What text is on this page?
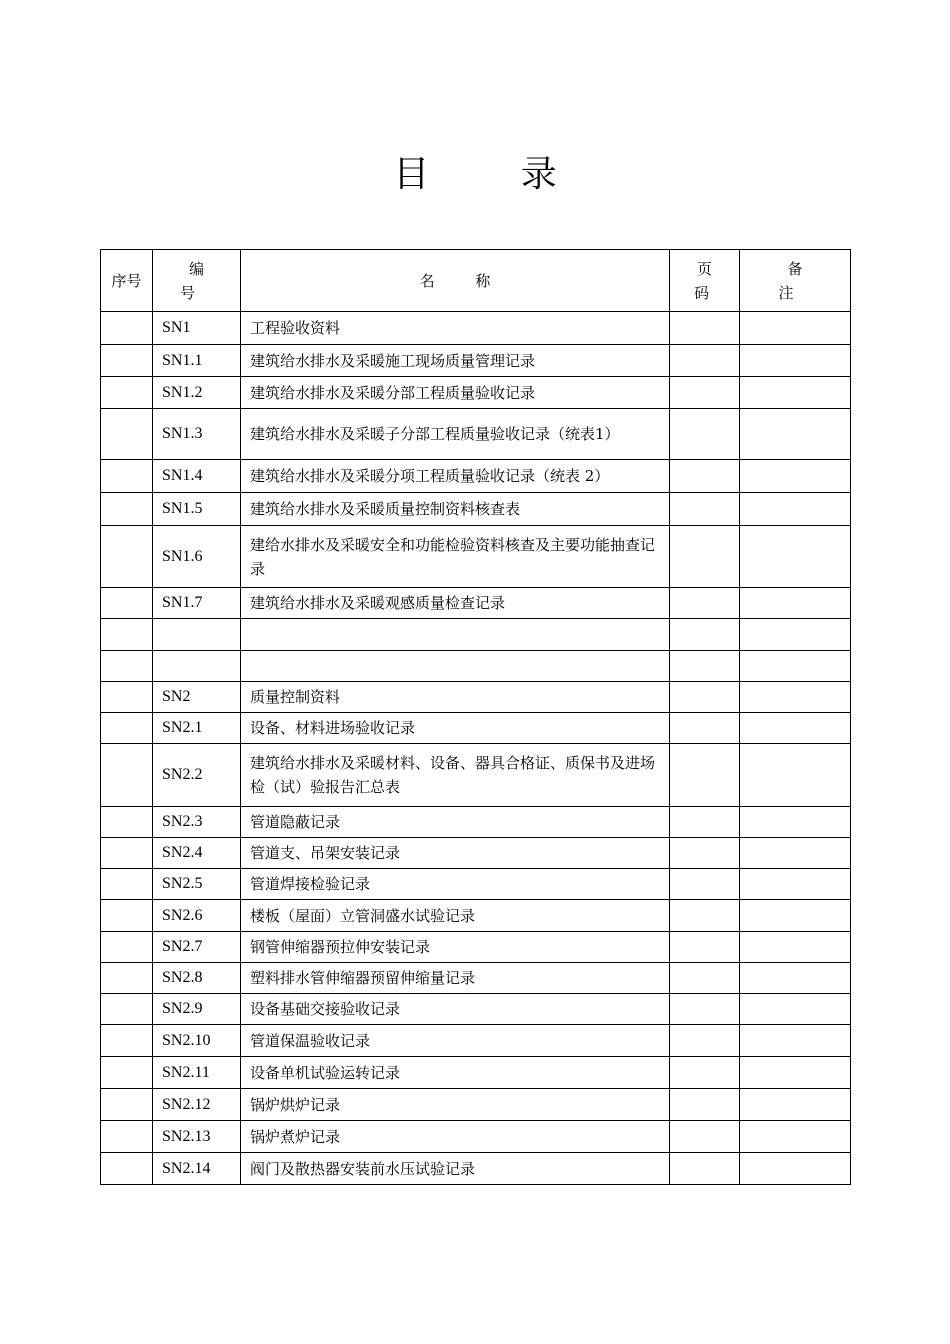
目 录
序号	编 号	名 称	页 码	备 注
	SN1	工程验收资料		
	SN1.1	建筑给水排水及采暖施工现场质量管理记录		
	SN1.2	建筑给水排水及采暖分部工程质量验收记录		
	SN1.3	建筑给水排水及采暖子分部工程质量验收记录（统表1）		
	SN1.4	建筑给水排水及采暖分项工程质量验收记录（统表 2）		
	SN1.5	建筑给水排水及采暖质量控制资料核查表		
	SN1.6	建给水排水及采暖安全和功能检验资料核查及主要功能抽查记录		
	SN1.7	建筑给水排水及采暖观感质量检查记录		

	SN2	质量控制资料		
	SN2.1	设备、材料进场验收记录		
	SN2.2	建筑给水排水及采暖材料、设备、器具合格证、质保书及进场检（试）验报告汇总表		
	SN2.3	管道隐蔽记录		
	SN2.4	管道支、吊架安装记录		
	SN2.5	管道焊接检验记录		
	SN2.6	楼板（屋面）立管洞盛水试验记录		
	SN2.7	钢管伸缩器预拉伸安装记录		
	SN2.8	塑料排水管伸缩器预留伸缩量记录		
	SN2.9	设备基础交接验收记录		
	SN2.10	管道保温验收记录		
	SN2.11	设备单机试验运转记录		
	SN2.12	锅炉烘炉记录		
	SN2.13	锅炉煮炉记录		
	SN2.14	阀门及散热器安装前水压试验记录		
